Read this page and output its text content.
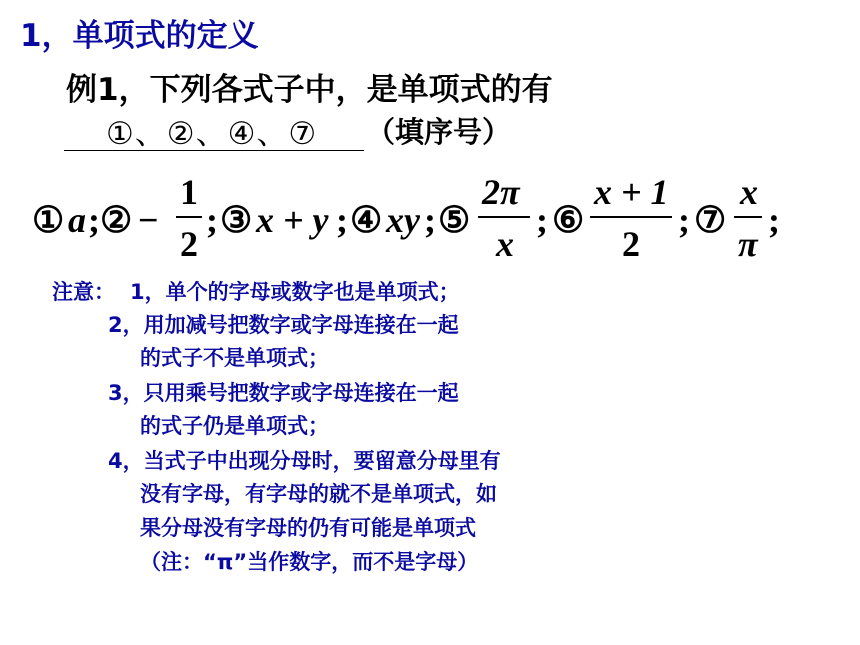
1，单项式的定义
例1，下列各式子中，是单项式的有
①、②、④、⑦ （填序号）
① a ; ② −
1
2
; ③ x + y ; ④ xy ; ⑤
2π
x
; ⑥
x + 1
2
; ⑦
x
π
;
注意： 1，单个的字母或数字也是单项式；
2，用加减号把数字或字母连接在一起
的式子不是单项式；
3，只用乘号把数字或字母连接在一起
的式子仍是单项式；
4，当式子中出现分母时，要留意分母里有
没有字母，有字母的就不是单项式，如
果分母没有字母的仍有可能是单项式
（注：“π”当作数字，而不是字母）
